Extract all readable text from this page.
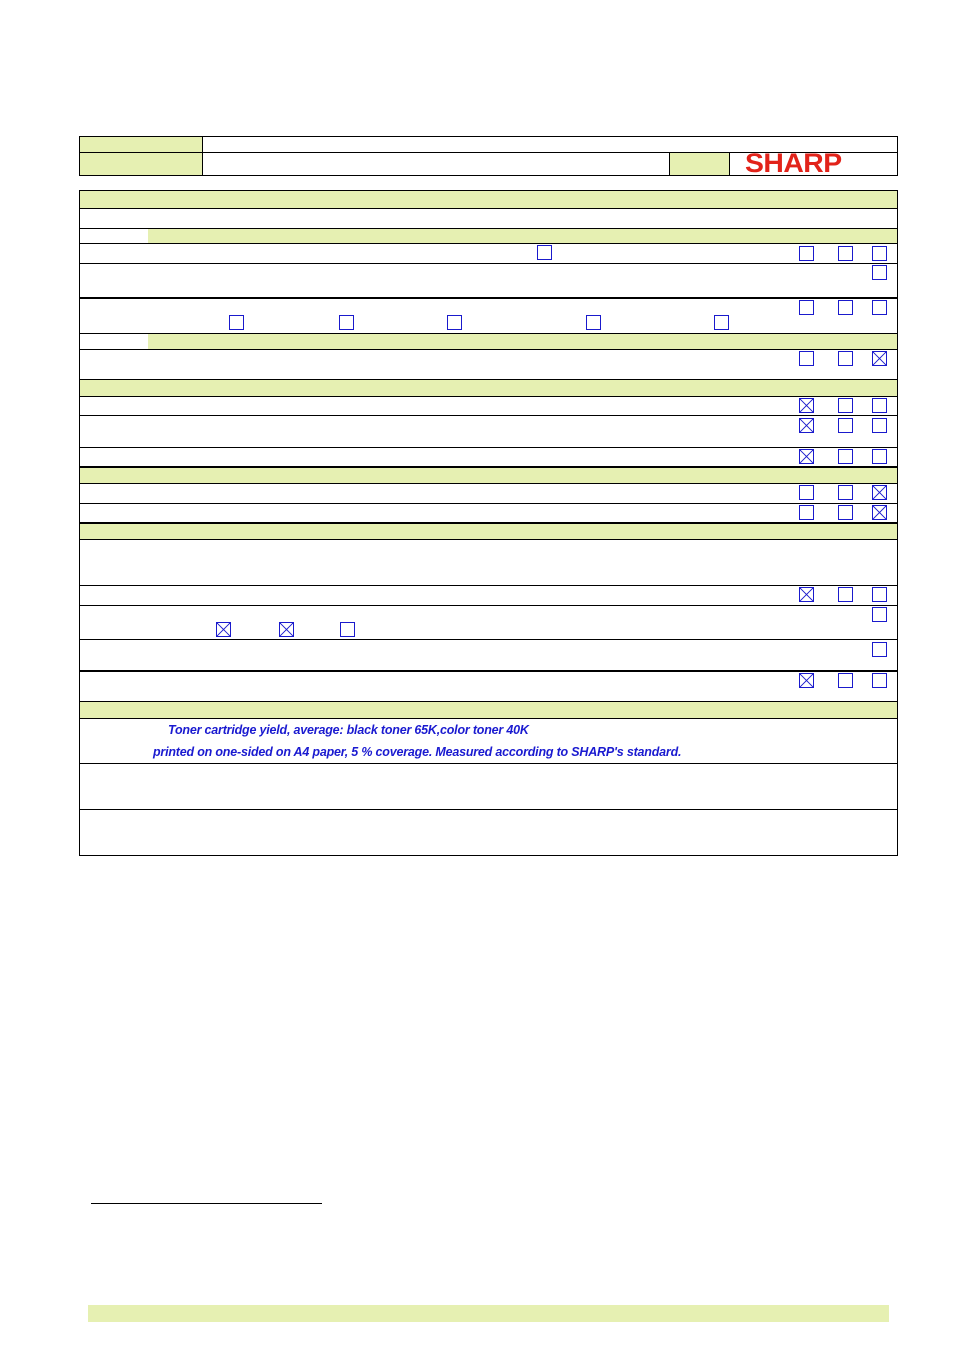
SHARP
Toner cartridge yield, average: black toner 65K,color toner 40K
printed on one-sided on A4 paper, 5 % coverage. Measured according to SHARP's standard.
